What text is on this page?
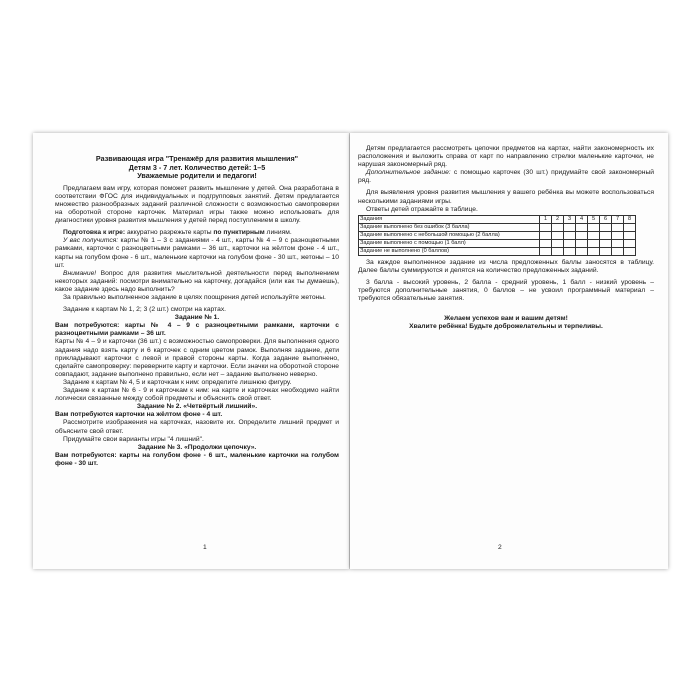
Развивающая игра "Тренажёр для развития мышления"

Детям 3 - 7 лет. Количество детей: 1–5

Уважаемые родители и педагоги!

Предлагаем вам игру, которая поможет развить мышление у детей. Она разработана в соответствии ФГОС для индивидуальных и подгрупповых занятий. Детям предлагается множество разнообразных заданий различной сложности с возможностью самопроверки на оборотной стороне карточек. Материал игры также можно использовать для диагностики уровня развития мышления у детей перед поступлением в школу.

Подготовка к игре: аккуратно разрежьте карты по пунктирным линиям.

У вас получится: карты № 1 – 3 с заданиями - 4 шт., карты № 4 – 9 с разноцветными рамками, карточки с разноцветными рамками – 36 шт., карточки на жёлтом фоне - 4 шт., карты на голубом фоне - 6 шт., маленькие карточки на голубом фоне - 30 шт., жетоны – 10 шт.

Внимание! Вопрос для развития мыслительной деятельности перед выполнением некоторых заданий: посмотри внимательно на карточку, догадайся (или как ты думаешь), какое задание здесь надо выполнить?

За правильно выполненное задание в целях поощрения детей используйте жетоны.

Задание к картам № 1, 2; 3 (2 шт.) смотри на картах.

Задание № 1.

Вам потребуются: карты № 4 – 9 с разноцветными рамками, карточки с разноцветными рамками – 36 шт.

Карты № 4 – 9 и карточки (36 шт.) с возможностью самопроверки. Для выполнения одного задания надо взять карту и 6 карточек с одним цветом рамок. Выполняя задание, дети прикладывают карточки с левой и правой стороны карты. Когда задание выполнено, сделайте самопроверку: переверните карту и карточки. Если значки на оборотной стороне совпадают, задание выполнено правильно, если нет – задание выполнено неверно.

Задание к картам № 4, 5 и карточкам к ним: определите лишнюю фигуру.

Задание к картам № 6 - 9 и карточкам к ним: на карте и карточках необходимо найти логически связанные между собой предметы и объяснить свой ответ.

Задание № 2. «Четвёртый лишний».

Вам потребуются карточки на жёлтом фоне - 4 шт.

Рассмотрите изображения на карточках, назовите их. Определите лишний предмет и объясните свой ответ.

Придумайте свои варианты игры "4 лишний".

Задание № 3. «Продолжи цепочку».

Вам потребуются: карты на голубом фоне - 6 шт., маленькие карточки на голубом фоне - 30 шт.

1

Детям предлагается рассмотреть цепочки предметов на картах, найти закономерность их расположения и выложить справа от карт по направлению стрелки маленькие карточки, не нарушая закономерный ряд.

Дополнительное задание: с помощью карточек (30 шт.) придумайте свой закономерный ряд.

Для выявления уровня развития мышления у вашего ребёнка вы можете воспользоваться несколькими заданиями игры.

Ответы детей отражайте в таблице.

Задания	1	2	3	4	5	6	7	8
Задание выполнено без ошибок (3 балла)								
Задание выполнено с небольшой помощью (2 балла)								
Задание выполнено с помощью (1 балл)								
Задание не выполнено (0 баллов)								

За каждое выполненное задание из числа предложенных баллы заносятся в таблицу. Далее баллы суммируются и делятся на количество предложенных заданий.

3 балла - высокий уровень, 2 балла - средний уровень, 1 балл - низкий уровень – требуются дополнительные занятия, 0 баллов – не усвоил программный материал – требуются обязательные занятия.

Желаем успехов вам и вашим детям!

Хвалите ребёнка! Будьте доброжелательны и терпеливы.

2
